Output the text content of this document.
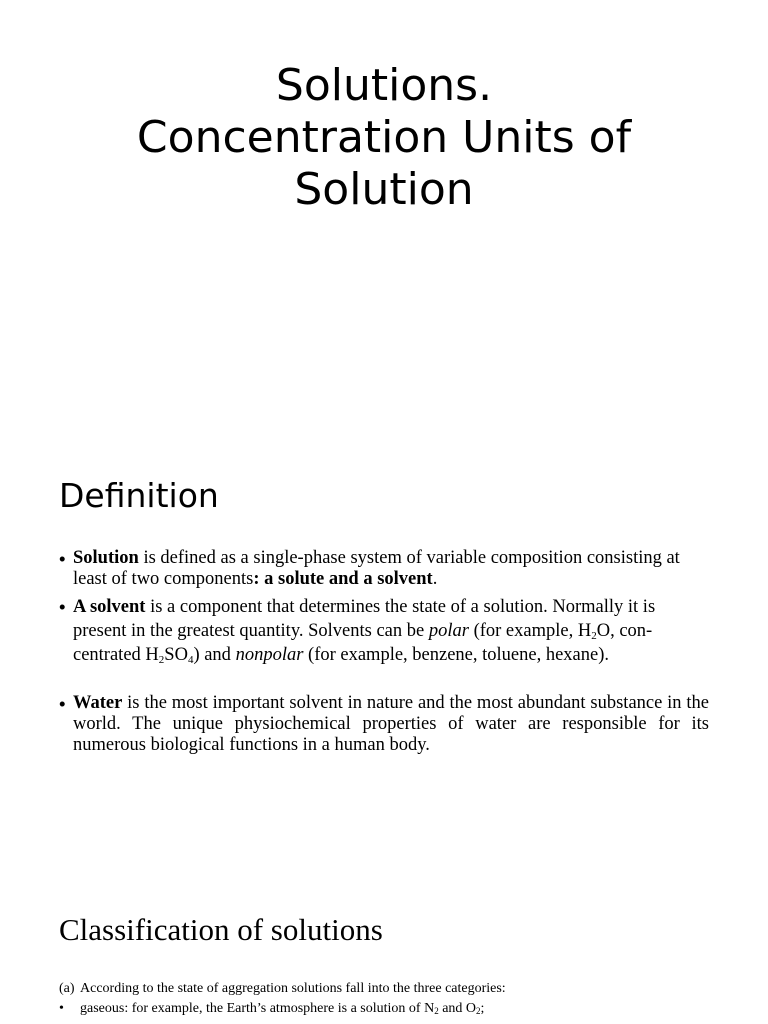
Solutions.
Concentration Units of
Solution
Definition
• Solution is defined as a single-phase system of variable composition consisting at least of two components: a solute and a solvent.
• A solvent is a component that determines the state of a solution. Normally it is present in the greatest quantity. Solvents can be polar (for example, $H_2O$, con-centrated $H_2SO_4$) and nonpolar (for example, benzene, toluene, hexane).
• Water is the most important solvent in nature and the most abundant substance in the world. The unique physiochemical properties of water are responsible for its numerous biological functions in a human body.
Classification of solutions
(a) According to the state of aggregation solutions fall into the three categories:
• gaseous: for example, the Earth’s atmosphere is a solution of $N_2$ and $O_2$;
